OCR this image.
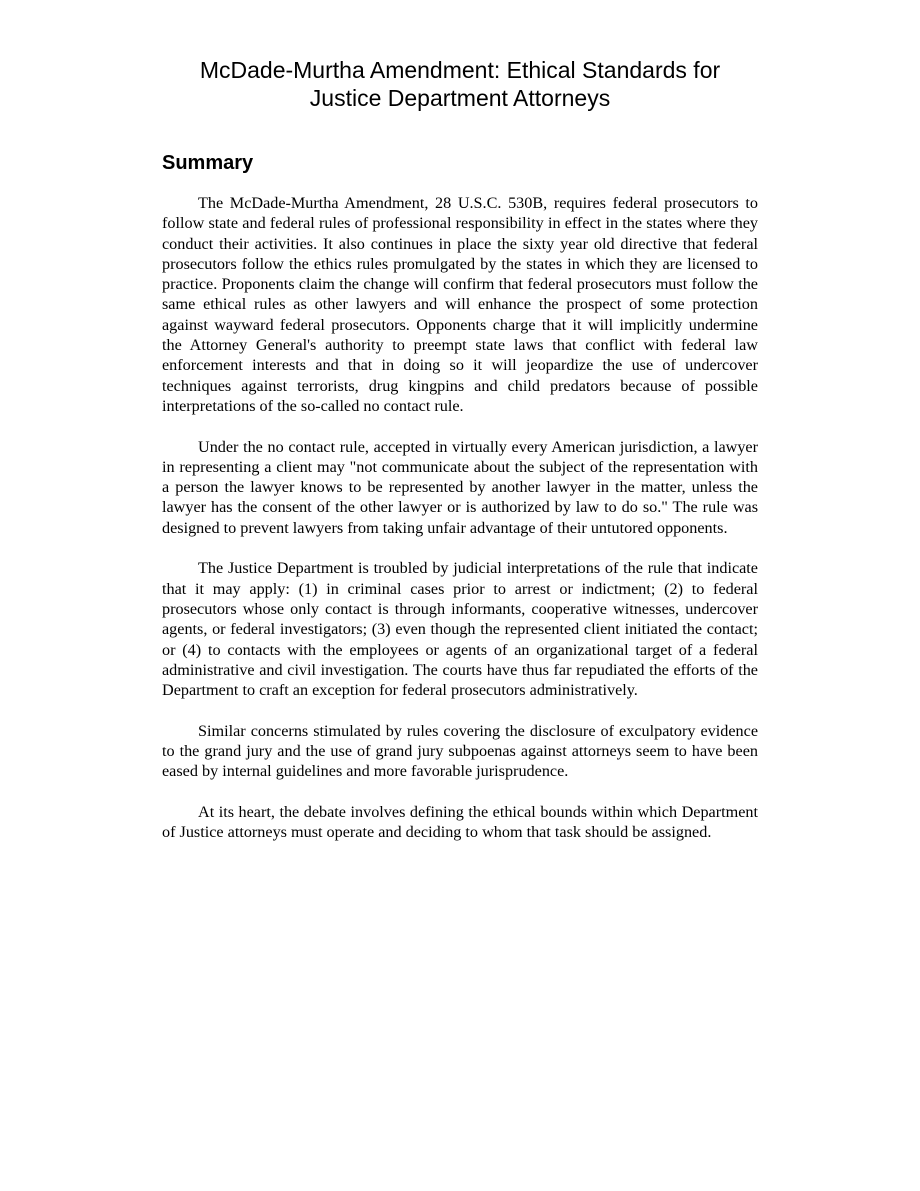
McDade-Murtha Amendment: Ethical Standards for
Justice Department Attorneys
Summary

The McDade-Murtha Amendment, 28 U.S.C. 530B, requires federal prosecutors to follow state and federal rules of professional responsibility in effect in the states where they conduct their activities. It also continues in place the sixty year old directive that federal prosecutors follow the ethics rules promulgated by the states in which they are licensed to practice. Proponents claim the change will confirm that federal prosecutors must follow the same ethical rules as other lawyers and will enhance the prospect of some protection against wayward federal prosecutors. Opponents charge that it will implicitly undermine the Attorney General's authority to preempt state laws that conflict with federal law enforcement interests and that in doing so it will jeopardize the use of undercover techniques against terrorists, drug kingpins and child predators because of possible interpretations of the so-called no contact rule.

Under the no contact rule, accepted in virtually every American jurisdiction, a lawyer in representing a client may "not communicate about the subject of the representation with a person the lawyer knows to be represented by another lawyer in the matter, unless the lawyer has the consent of the other lawyer or is authorized by law to do so." The rule was designed to prevent lawyers from taking unfair advantage of their untutored opponents.

The Justice Department is troubled by judicial interpretations of the rule that indicate that it may apply: (1) in criminal cases prior to arrest or indictment; (2) to federal prosecutors whose only contact is through informants, cooperative witnesses, undercover agents, or federal investigators; (3) even though the represented client initiated the contact; or (4) to contacts with the employees or agents of an organizational target of a federal administrative and civil investigation. The courts have thus far repudiated the efforts of the Department to craft an exception for federal prosecutors administratively.

Similar concerns stimulated by rules covering the disclosure of exculpatory evidence to the grand jury and the use of grand jury subpoenas against attorneys seem to have been eased by internal guidelines and more favorable jurisprudence.

At its heart, the debate involves defining the ethical bounds within which Department of Justice attorneys must operate and deciding to whom that task should be assigned.
